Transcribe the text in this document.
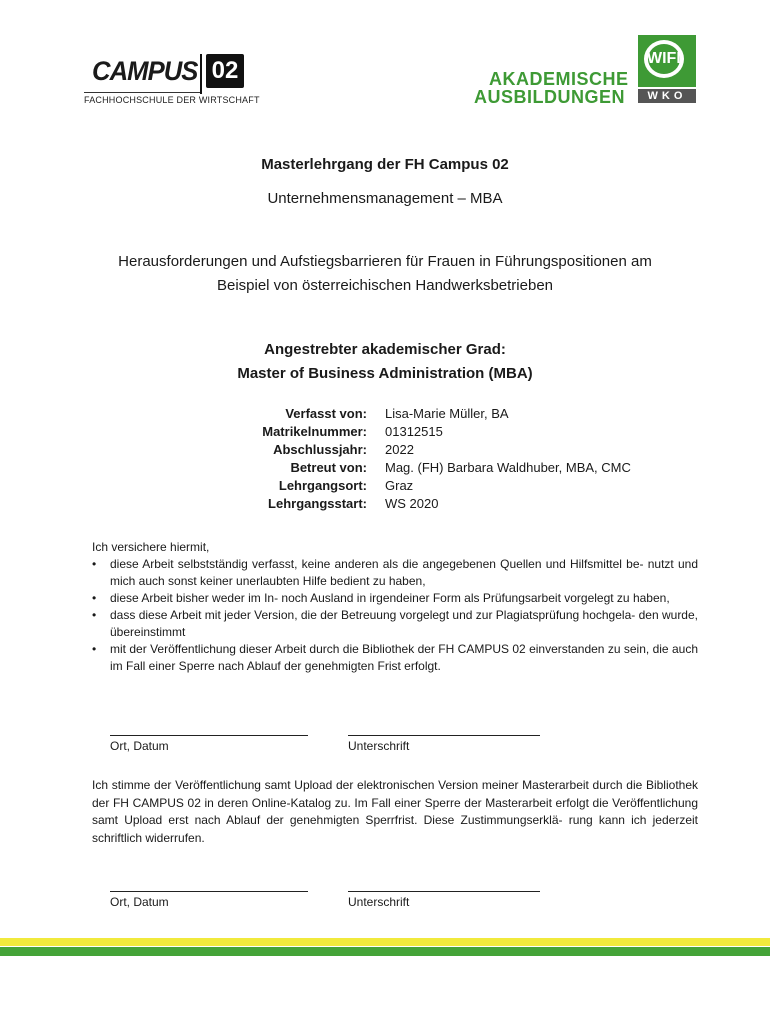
CAMPUS 02
FACHHOCHSCHULE DER WIRTSCHAFT
AKADEMISCHE
AUSBILDUNGEN
WIFI
WKO
Masterlehrgang der FH Campus 02
Unternehmensmanagement – MBA
Herausforderungen und Aufstiegsbarrieren für Frauen in Führungspositionen am
Beispiel von österreichischen Handwerksbetrieben
Angestrebter akademischer Grad:
Master of Business Administration (MBA)
Verfasst von: Lisa-Marie Müller, BA
Matrikelnummer: 01312515
Abschlussjahr: 2022
Betreut von: Mag. (FH) Barbara Waldhuber, MBA, CMC
Lehrgangsort: Graz
Lehrgangsstart: WS 2020

Ich versichere hiermit,

• diese Arbeit selbstständig verfasst, keine anderen als die angegebenen Quellen und Hilfsmittel be- nutzt und mich auch sonst keiner unerlaubten Hilfe bedient zu haben,
• diese Arbeit bisher weder im In- noch Ausland in irgendeiner Form als Prüfungsarbeit vorgelegt zu haben,
• dass diese Arbeit mit jeder Version, die der Betreuung vorgelegt und zur Plagiatsprüfung hochgela- den wurde, übereinstimmt
• mit der Veröffentlichung dieser Arbeit durch die Bibliothek der FH CAMPUS 02 einverstanden zu sein, die auch im Fall einer Sperre nach Ablauf der genehmigten Frist erfolgt.
Ort, Datum	Unterschrift
Ich stimme der Veröffentlichung samt Upload der elektronischen Version meiner Masterarbeit durch die Bibliothek der FH CAMPUS 02 in deren Online-Katalog zu. Im Fall einer Sperre der Masterarbeit erfolgt die Veröffentlichung samt Upload erst nach Ablauf der genehmigten Sperrfrist. Diese Zustimmungserklä- rung kann ich jederzeit schriftlich widerrufen.
Ort, Datum	Unterschrift
